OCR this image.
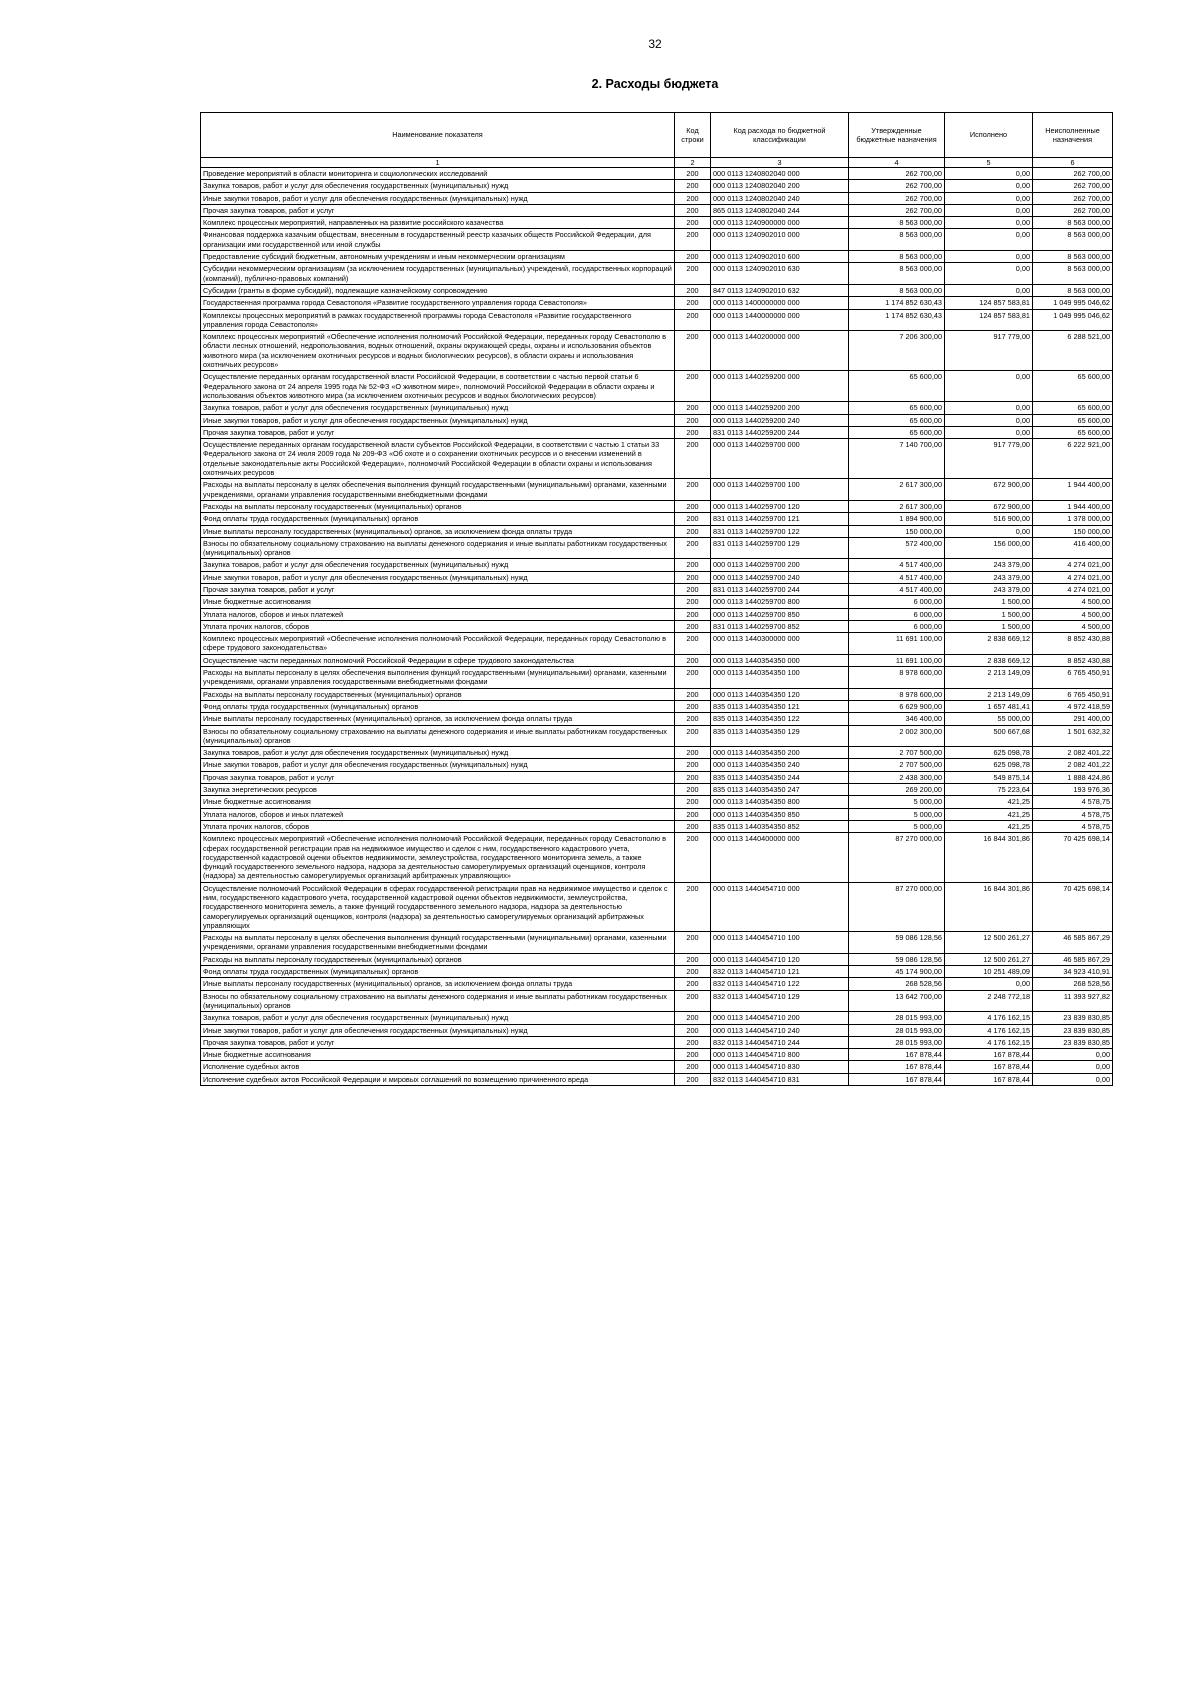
32
2. Расходы бюджета
Наименование показателя	Код строки	Код расхода по бюджетной классификации	Утвержденные бюджетные назначения	Исполнено	Неисполненные назначения
1	2	3	4	5	6
Проведение мероприятий в области мониторинга и социологических исследований	200	000 0113 1240802040 000	262 700,00	0,00	262 700,00
Закупка товаров, работ и услуг для обеспечения государственных (муниципальных) нужд	200	000 0113 1240802040 200	262 700,00	0,00	262 700,00
Иные закупки товаров, работ и услуг для обеспечения государственных (муниципальных) нужд	200	000 0113 1240802040 240	262 700,00	0,00	262 700,00
Прочая закупка товаров, работ и услуг	200	865 0113 1240802040 244	262 700,00	0,00	262 700,00
Комплекс процессных мероприятий, направленных на развитие российского казачества	200	000 0113 1240900000 000	8 563 000,00	0,00	8 563 000,00
Финансовая поддержка казачьим обществам, внесенным в государственный реестр казачьих обществ Российской Федерации, для организации ими государственной или иной службы	200	000 0113 1240902010 000	8 563 000,00	0,00	8 563 000,00
Предоставление субсидий бюджетным, автономным учреждениям и иным некоммерческим организациям	200	000 0113 1240902010 600	8 563 000,00	0,00	8 563 000,00
Субсидии некоммерческим организациям (за исключением государственных (муниципальных) учреждений, государственных корпораций (компаний), публично-правовых компаний)	200	000 0113 1240902010 630	8 563 000,00	0,00	8 563 000,00
Субсидии (гранты в форме субсидий), подлежащие казначейскому сопровождению	200	847 0113 1240902010 632	8 563 000,00	0,00	8 563 000,00
Государственная программа города Севастополя «Развитие государственного управления города Севастополя»	200	000 0113 1400000000 000	1 174 852 630,43	124 857 583,81	1 049 995 046,62
Комплексы процессных мероприятий в рамках государственной программы города Севастополя «Развитие государственного управления города Севастополя»	200	000 0113 1440000000 000	1 174 852 630,43	124 857 583,81	1 049 995 046,62
Комплекс процессных мероприятий «Обеспечение исполнения полномочий Российской Федерации, переданных городу Севастополю в области лесных отношений, недропользования, водных отношений, охраны окружающей среды, охраны и использования объектов животного мира (за исключением охотничьих ресурсов и водных биологических ресурсов), в области охраны и использования охотничьих ресурсов»	200	000 0113 1440200000 000	7 206 300,00	917 779,00	6 288 521,00
Осуществление переданных органам государственной власти Российской Федерации, в соответствии с частью первой статьи 6 Федерального закона от 24 апреля 1995 года № 52-ФЗ «О животном мире», полномочий Российской Федерации в области охраны и использования объектов животного мира (за исключением охотничьих ресурсов и водных биологических ресурсов)	200	000 0113 1440259200 000	65 600,00	0,00	65 600,00
Закупка товаров, работ и услуг для обеспечения государственных (муниципальных) нужд	200	000 0113 1440259200 200	65 600,00	0,00	65 600,00
Иные закупки товаров, работ и услуг для обеспечения государственных (муниципальных) нужд	200	000 0113 1440259200 240	65 600,00	0,00	65 600,00
Прочая закупка товаров, работ и услуг	200	831 0113 1440259200 244	65 600,00	0,00	65 600,00
Осуществление переданных органам государственной власти субъектов Российской Федерации, в соответствии с частью 1 статьи 33 Федерального закона от 24 июля 2009 года № 209-ФЗ «Об охоте и о сохранении охотничьих ресурсов и о внесении изменений в отдельные законодательные акты Российской Федерации», полномочий Российской Федерации в области охраны и использования охотничьих ресурсов	200	000 0113 1440259700 000	7 140 700,00	917 779,00	6 222 921,00
Расходы на выплаты персоналу в целях обеспечения выполнения функций государственными (муниципальными) органами, казенными учреждениями, органами управления государственными внебюджетными фондами	200	000 0113 1440259700 100	2 617 300,00	672 900,00	1 944 400,00
Расходы на выплаты персоналу государственных (муниципальных) органов	200	000 0113 1440259700 120	2 617 300,00	672 900,00	1 944 400,00
Фонд оплаты труда государственных (муниципальных) органов	200	831 0113 1440259700 121	1 894 900,00	516 900,00	1 378 000,00
Иные выплаты персоналу государственных (муниципальных) органов, за исключением фонда оплаты труда	200	831 0113 1440259700 122	150 000,00	0,00	150 000,00
Взносы по обязательному социальному страхованию на выплаты денежного содержания и иные выплаты работникам государственных (муниципальных) органов	200	831 0113 1440259700 129	572 400,00	156 000,00	416 400,00
Закупка товаров, работ и услуг для обеспечения государственных (муниципальных) нужд	200	000 0113 1440259700 200	4 517 400,00	243 379,00	4 274 021,00
Иные закупки товаров, работ и услуг для обеспечения государственных (муниципальных) нужд	200	000 0113 1440259700 240	4 517 400,00	243 379,00	4 274 021,00
Прочая закупка товаров, работ и услуг	200	831 0113 1440259700 244	4 517 400,00	243 379,00	4 274 021,00
Иные бюджетные ассигнования	200	000 0113 1440259700 800	6 000,00	1 500,00	4 500,00
Уплата налогов, сборов и иных платежей	200	000 0113 1440259700 850	6 000,00	1 500,00	4 500,00
Уплата прочих налогов, сборов	200	831 0113 1440259700 852	6 000,00	1 500,00	4 500,00
Комплекс процессных мероприятий «Обеспечение исполнения полномочий Российской Федерации, переданных городу Севастополю в сфере трудового законодательства»	200	000 0113 1440300000 000	11 691 100,00	2 838 669,12	8 852 430,88
Осуществление части переданных полномочий Российской Федерации в сфере трудового законодательства	200	000 0113 1440354350 000	11 691 100,00	2 838 669,12	8 852 430,88
Расходы на выплаты персоналу в целях обеспечения выполнения функций государственными (муниципальными) органами, казенными учреждениями, органами управления государственными внебюджетными фондами	200	000 0113 1440354350 100	8 978 600,00	2 213 149,09	6 765 450,91
Расходы на выплаты персоналу государственных (муниципальных) органов	200	000 0113 1440354350 120	8 978 600,00	2 213 149,09	6 765 450,91
Фонд оплаты труда государственных (муниципальных) органов	200	835 0113 1440354350 121	6 629 900,00	1 657 481,41	4 972 418,59
Иные выплаты персоналу государственных (муниципальных) органов, за исключением фонда оплаты труда	200	835 0113 1440354350 122	346 400,00	55 000,00	291 400,00
Взносы по обязательному социальному страхованию на выплаты денежного содержания и иные выплаты работникам государственных (муниципальных) органов	200	835 0113 1440354350 129	2 002 300,00	500 667,68	1 501 632,32
Закупка товаров, работ и услуг для обеспечения государственных (муниципальных) нужд	200	000 0113 1440354350 200	2 707 500,00	625 098,78	2 082 401,22
Иные закупки товаров, работ и услуг для обеспечения государственных (муниципальных) нужд	200	000 0113 1440354350 240	2 707 500,00	625 098,78	2 082 401,22
Прочая закупка товаров, работ и услуг	200	835 0113 1440354350 244	2 438 300,00	549 875,14	1 888 424,86
Закупка энергетических ресурсов	200	835 0113 1440354350 247	269 200,00	75 223,64	193 976,36
Иные бюджетные ассигнования	200	000 0113 1440354350 800	5 000,00	421,25	4 578,75
Уплата налогов, сборов и иных платежей	200	000 0113 1440354350 850	5 000,00	421,25	4 578,75
Уплата прочих налогов, сборов	200	835 0113 1440354350 852	5 000,00	421,25	4 578,75
Комплекс процессных мероприятий «Обеспечение исполнения полномочий Российской Федерации, переданных городу Севастополю в сферах государственной регистрации прав на недвижимое имущество и сделок с ним, государственного кадастрового учета, государственной кадастровой оценки объектов недвижимости, землеустройства, государственного мониторинга земель, а также функций государственного земельного надзора, надзора за деятельностью саморегулируемых организаций оценщиков, контроля (надзора) за деятельностью саморегулируемых организаций арбитражных управляющих»	200	000 0113 1440400000 000	87 270 000,00	16 844 301,86	70 425 698,14
Осуществление полномочий Российской Федерации в сферах государственной регистрации прав на недвижимое имущество и сделок с ним, государственного кадастрового учета, государственной кадастровой оценки объектов недвижимости, землеустройства, государственного мониторинга земель, а также функций государственного земельного надзора, надзора за деятельностью саморегулируемых организаций оценщиков, контроля (надзора) за деятельностью саморегулируемых организаций арбитражных управляющих	200	000 0113 1440454710 000	87 270 000,00	16 844 301,86	70 425 698,14
Расходы на выплаты персоналу в целях обеспечения выполнения функций государственными (муниципальными) органами, казенными учреждениями, органами управления государственными внебюджетными фондами	200	000 0113 1440454710 100	59 086 128,56	12 500 261,27	46 585 867,29
Расходы на выплаты персоналу государственных (муниципальных) органов	200	000 0113 1440454710 120	59 086 128,56	12 500 261,27	46 585 867,29
Фонд оплаты труда государственных (муниципальных) органов	200	832 0113 1440454710 121	45 174 900,00	10 251 489,09	34 923 410,91
Иные выплаты персоналу государственных (муниципальных) органов, за исключением фонда оплаты труда	200	832 0113 1440454710 122	268 528,56	0,00	268 528,56
Взносы по обязательному социальному страхованию на выплаты денежного содержания и иные выплаты работникам государственных (муниципальных) органов	200	832 0113 1440454710 129	13 642 700,00	2 248 772,18	11 393 927,82
Закупка товаров, работ и услуг для обеспечения государственных (муниципальных) нужд	200	000 0113 1440454710 200	28 015 993,00	4 176 162,15	23 839 830,85
Иные закупки товаров, работ и услуг для обеспечения государственных (муниципальных) нужд	200	000 0113 1440454710 240	28 015 993,00	4 176 162,15	23 839 830,85
Прочая закупка товаров, работ и услуг	200	832 0113 1440454710 244	28 015 993,00	4 176 162,15	23 839 830,85
Иные бюджетные ассигнования	200	000 0113 1440454710 800	167 878,44	167 878,44	0,00
Исполнение судебных актов	200	000 0113 1440454710 830	167 878,44	167 878,44	0,00
Исполнение судебных актов Российской Федерации и мировых соглашений по возмещению причиненного вреда	200	832 0113 1440454710 831	167 878,44	167 878,44	0,00
